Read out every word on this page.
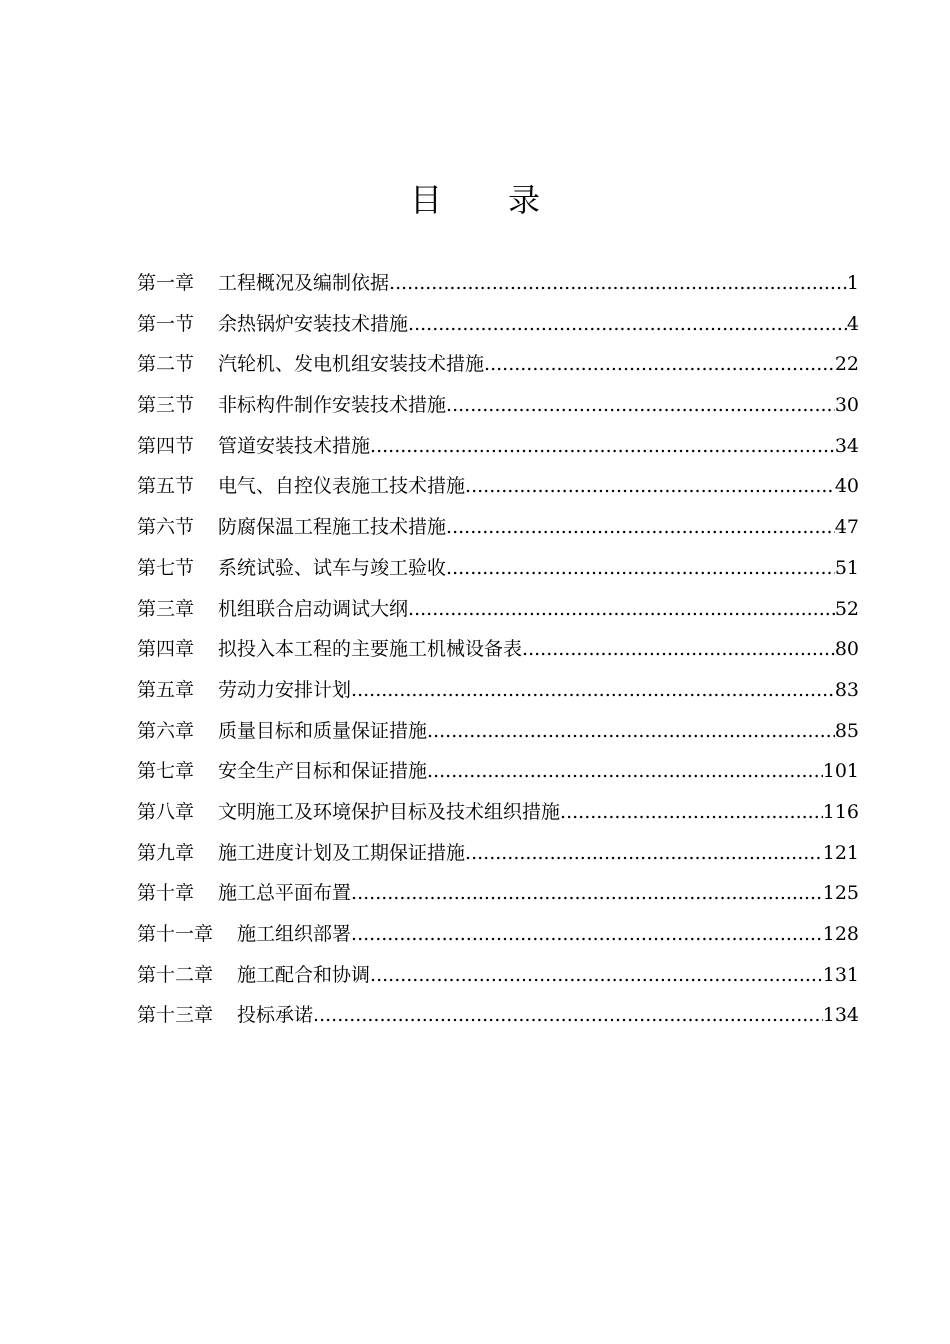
目 录
第一章	工程概况及编制依据 .....	1
第一节	余热锅炉安装技术措施 .....	4
第二节	汽轮机、发电机组安装技术措施 .....	22
第三节	非标构件制作安装技术措施 .....	30
第四节	管道安装技术措施 .....	34
第五节	电气、自控仪表施工技术措施 .....	40
第六节	防腐保温工程施工技术措施 .....	47
第七节	系统试验、试车与竣工验收 .....	51
第三章	机组联合启动调试大纲 .....	52
第四章	拟投入本工程的主要施工机械设备表 .....	80
第五章	劳动力安排计划 .....	83
第六章	质量目标和质量保证措施 .....	85
第七章	安全生产目标和保证措施 .....	101
第八章	文明施工及环境保护目标及技术组织措施 .....	116
第九章	施工进度计划及工期保证措施 .....	121
第十章	施工总平面布置 .....	125
第十一章	施工组织部署 .....	128
第十二章	施工配合和协调 .....	131
第十三章	投标承诺 .....	134
